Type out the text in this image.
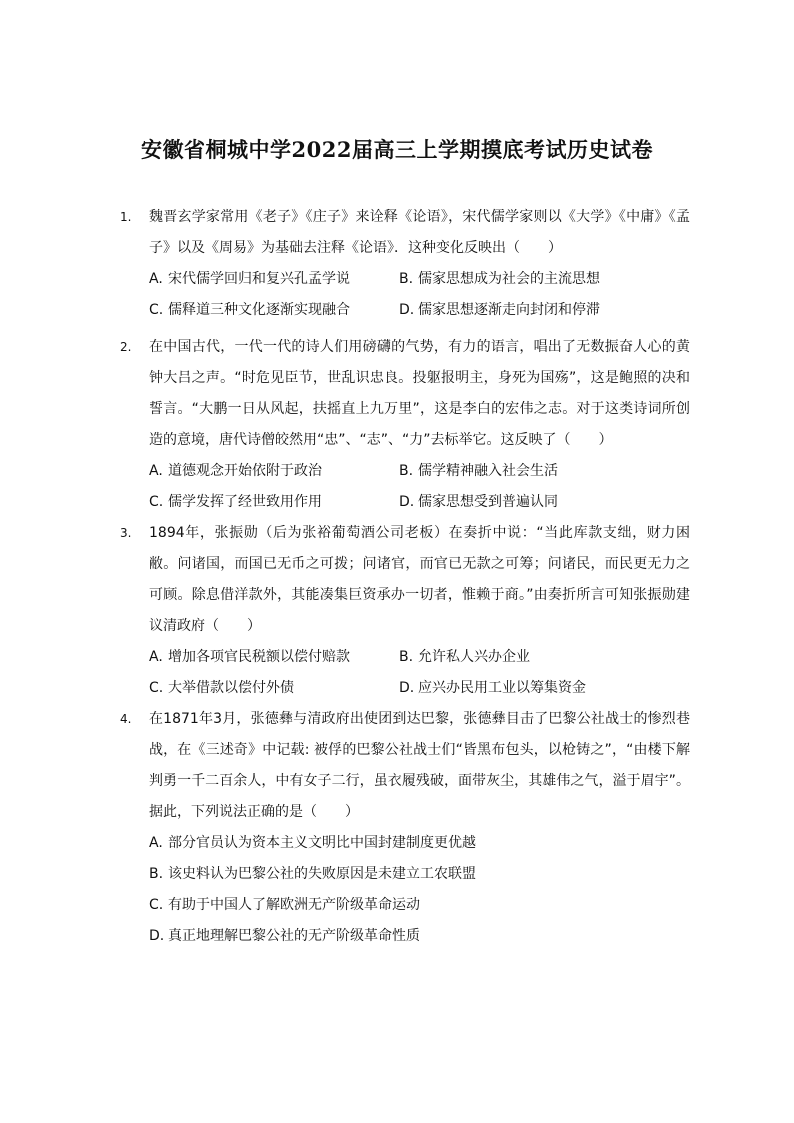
安徽省桐城中学2022届高三上学期摸底考试历史试卷
1.	魏晋玄学家常用《老子》《庄子》来诠释《论语》，宋代儒学家则以《大学》《中庸》《孟子》以及《周易》为基础去注释《论语》．这种变化反映出（　　）
A. 宋代儒学回归和复兴孔孟学说	B. 儒家思想成为社会的主流思想
C. 儒释道三种文化逐渐实现融合	D. 儒家思想逐渐走向封闭和停滞
2.	在中国古代，一代一代的诗人们用磅礴的气势，有力的语言，唱出了无数振奋人心的黄钟大吕之声。“时危见臣节，世乱识忠良。投躯报明主，身死为国殇”，这是鲍照的决和誓言。“大鹏一日从风起，扶摇直上九万里”，这是李白的宏伟之志。对于这类诗词所创造的意境，唐代诗僧皎然用“忠”、“志”、“力”去标举它。这反映了（　　）
A. 道德观念开始依附于政治	B. 儒学精神融入社会生活
C. 儒学发挥了经世致用作用	D. 儒家思想受到普遍认同
3.	1894年，张振勋（后为张裕葡萄酒公司老板）在奏折中说：“当此库款支绌，财力困敝。问诸国，而国已无币之可拨；问诸官，而官已无款之可筹；问诸民，而民更无力之可顾。除息借洋款外，其能凑集巨资承办一切者，惟赖于商。”由奏折所言可知张振勋建议清政府（　　）
A. 增加各项官民税额以偿付赔款	B. 允许私人兴办企业
C. 大举借款以偿付外债	D. 应兴办民用工业以筹集资金
4.	在1871年3月，张德彝与清政府出使团到达巴黎，张德彝目击了巴黎公社战士的惨烈巷战，在《三述奇》中记载: 被俘的巴黎公社战士们“皆黑布包头，以枪铸之”，“由楼下解判勇一千二百余人，中有女子二行，虽衣履残破，面带灰尘，其雄伟之气，溢于眉宇”。据此，下列说法正确的是（　　）
A. 部分官员认为资本主义文明比中国封建制度更优越
B. 该史料认为巴黎公社的失败原因是未建立工农联盟
C. 有助于中国人了解欧洲无产阶级革命运动
D. 真正地理解巴黎公社的无产阶级革命性质
